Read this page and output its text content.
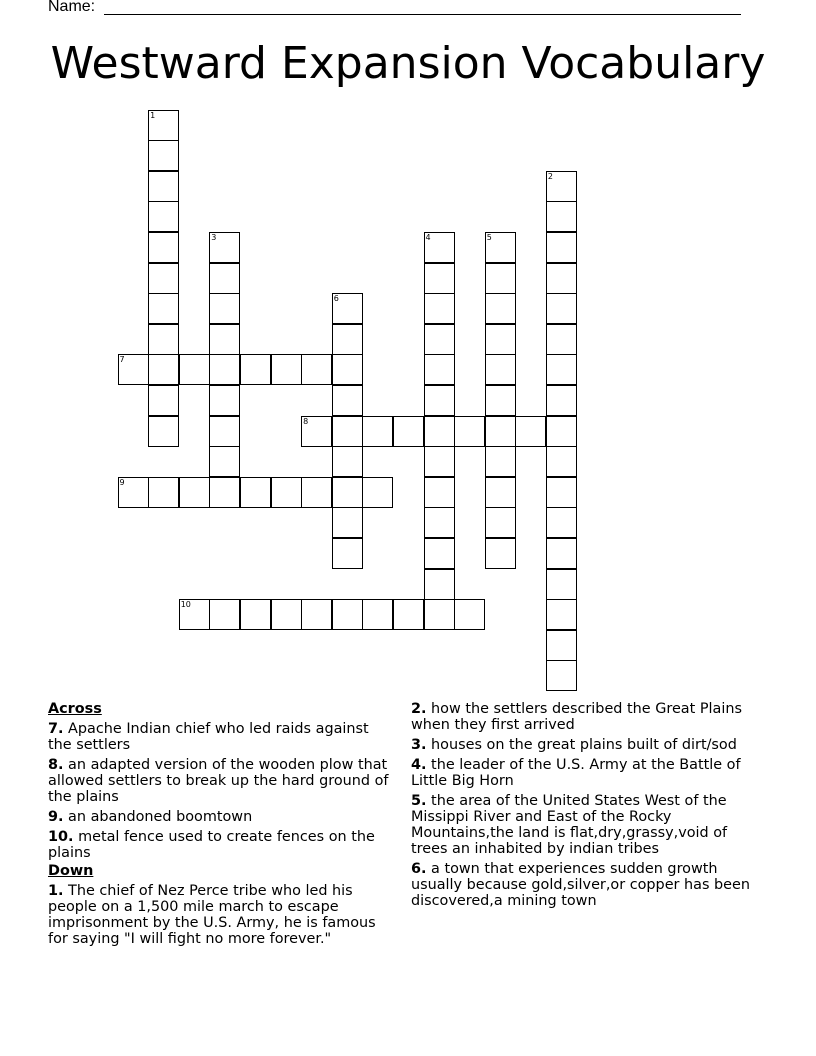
Name:
Westward Expansion Vocabulary
1
2
3	4	5
6
7
8
9
10
Across
7. Apache Indian chief who led raids against the settlers
8. an adapted version of the wooden plow that allowed settlers to break up the hard ground of the plains
9. an abandoned boomtown
10. metal fence used to create fences on the plains
Down
1. The chief of Nez Perce tribe who led his people on a 1,500 mile march to escape imprisonment by the U.S. Army, he is famous for saying "I will fight no more forever."
2. how the settlers described the Great Plains when they first arrived
3. houses on the great plains built of dirt/sod
4. the leader of the U.S. Army at the Battle of Little Big Horn
5. the area of the United States West of the Missippi River and East of the Rocky Mountains,the land is flat,dry,grassy,void of trees an inhabited by indian tribes
6. a town that experiences sudden growth usually because gold,silver,or copper has been discovered,a mining town
